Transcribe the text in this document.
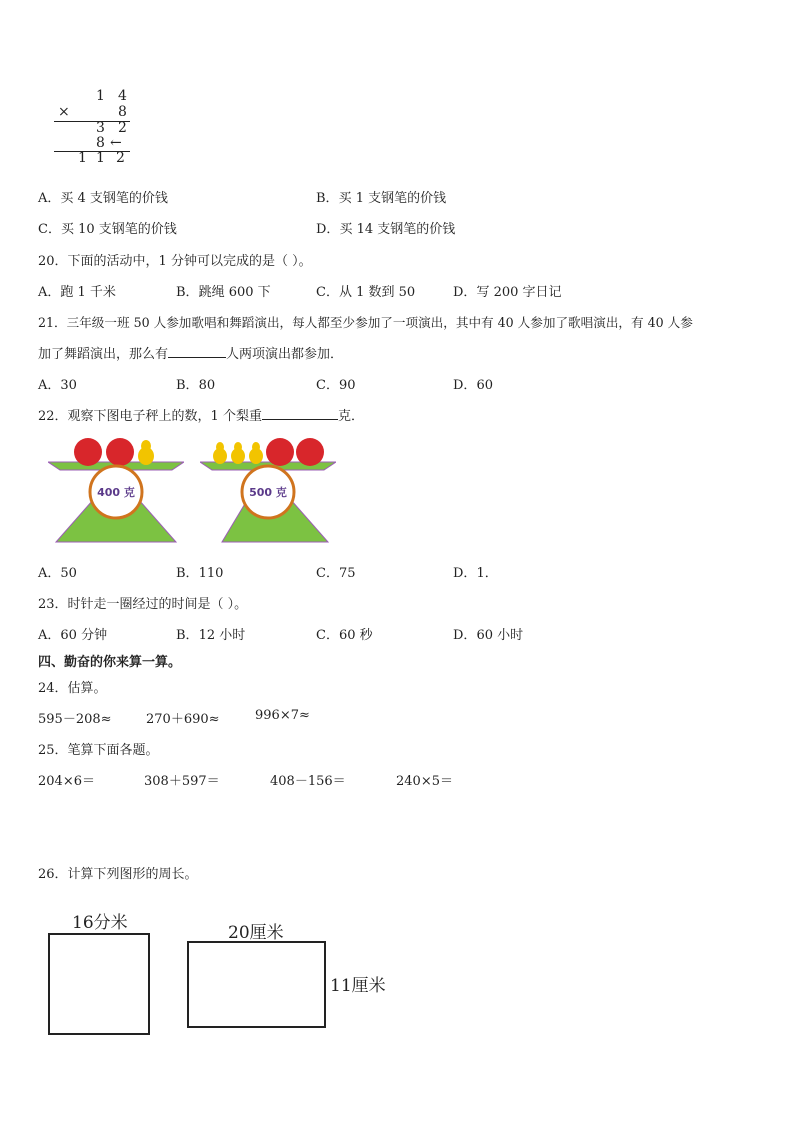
1 4
×	8
3 2
8 ←
1 1 2
A．买 4 支钢笔的价钱	B．买 1 支钢笔的价钱
C．买 10 支钢笔的价钱	D．买 14 支钢笔的价钱
20．下面的活动中，1 分钟可以完成的是（ ）。
A．跑 1 千米	B．跳绳 600 下	C．从 1 数到 50	D．写 200 字日记
21．三年级一班 50 人参加歌唱和舞蹈演出，每人都至少参加了一项演出，其中有 40 人参加了歌唱演出，有 40 人参
加了舞蹈演出，那么有	人两项演出都参加．
A．30	B．80	C．90	D．60
22．观察下图电子秤上的数，1 个梨重	克．
400 克	500 克
A．50	B．110	C．75	D．1．
23．时针走一圈经过的时间是（ ）。
A．60 分钟	B．12 小时	C．60 秒	D．60 小时
四、勤奋的你来算一算。
24．估算。
595－208≈	270＋690≈	996×7≈
25．笔算下面各题。
204×6＝	308＋597＝	408－156＝	240×5＝
26．计算下列图形的周长。
16分米	20厘米
11厘米
